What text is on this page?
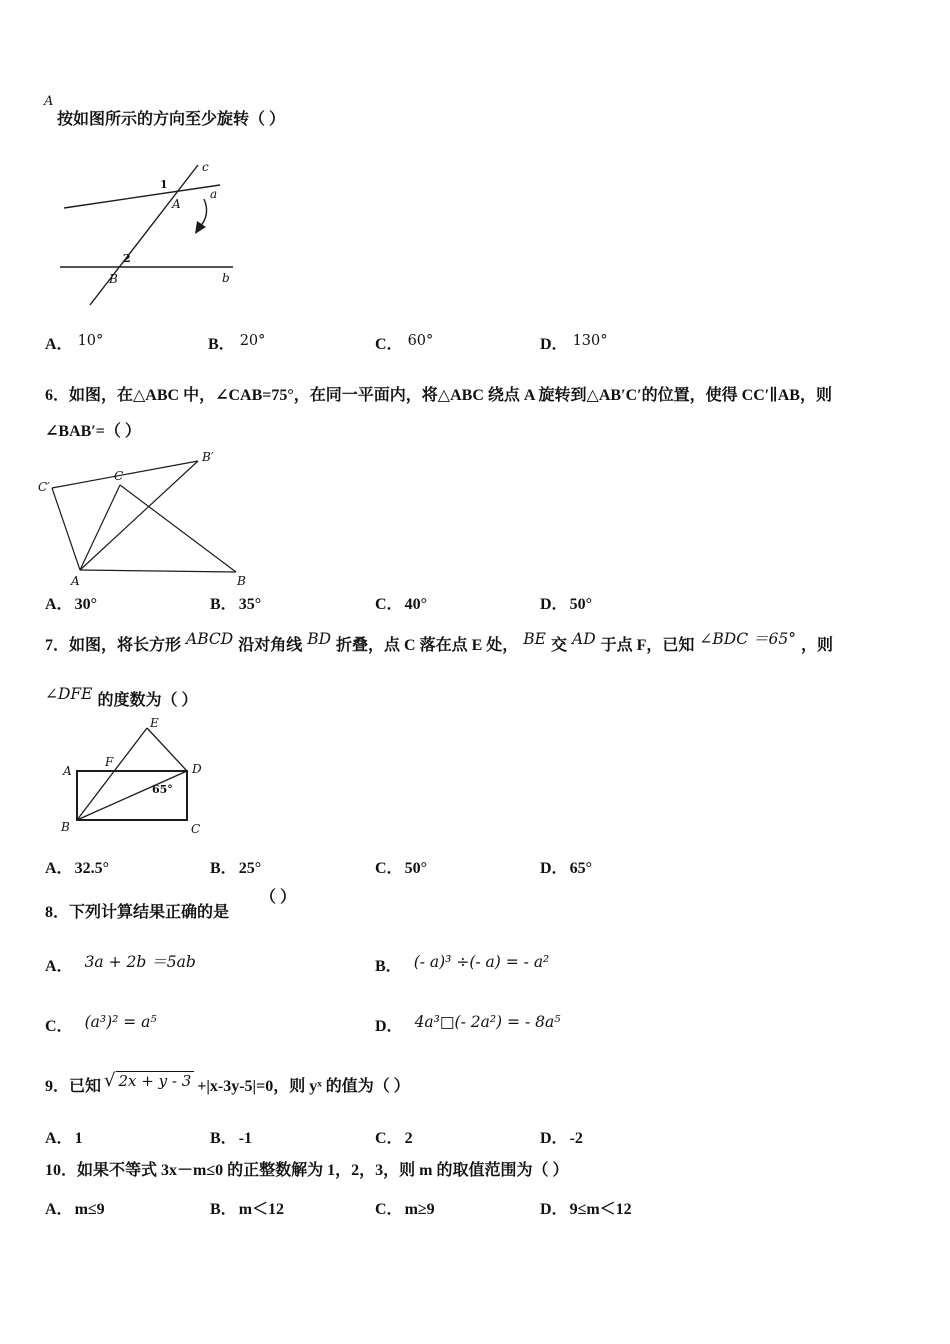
A
按如图所示的方向至少旋转（ ）
c
a
1
A
2
B	b
A． 10°	B． 20°	C． 60°	D． 130°
6．如图，在△ABC 中，∠CAB=75°，在同一平面内，将△ABC 绕点 A 旋转到△AB′C′的位置，使得 CC′∥AB，则
∠BAB′=（ ）
C′
C
B′
A	B
A． 30°	B． 35°	C． 40°	D． 50°
7．如图，将长方形 ABCD 沿对角线 BD 折叠，点 C 落在点 E 处， BE 交 AD 于点 F，已知 ∠BDC ＝65° ，则
∠DFE 的度数为（ ）
E
A
F	D
B	C
65°
A． 32.5°	B． 25°	C． 50°	D． 65°
8．下列计算结果正确的是
（ ）
A． 3a + 2b ＝5ab	B． (- a)³ ÷(- a) = - a²
C． (a³)² = a⁵	D． 4a³□(- 2a²) = - 8a⁵
9．已知 √ 2x + y - 3 +|x-3y-5|=0，则 yˣ 的值为（ ）
A． 1	B． -1	C． 2	D． -2
10．如果不等式 3x－m≤0 的正整数解为 1，2，3，则 m 的取值范围为（ ）
A． m≤9	B． m＜12	C． m≥9	D． 9≤m＜12
